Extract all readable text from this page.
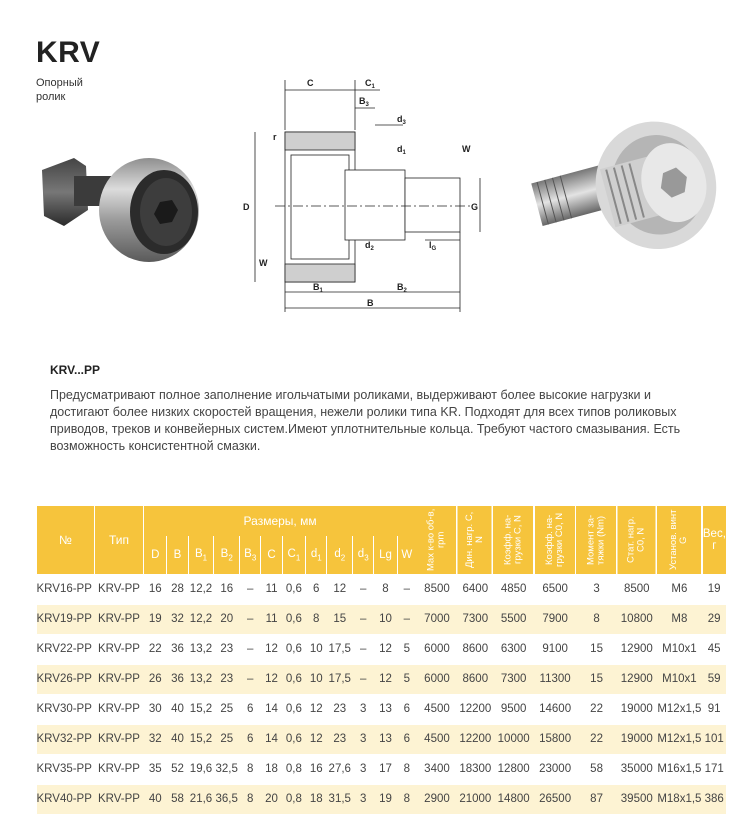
KRV
Опорный ролик
C	$C_1$
$B_3$
$d_3$
$d_1$
$d_2$
r
W
W
D	G
$l_G$
$B_1$	$B_2$
B
KRV...PP

Предусматривают полное заполнение игольчатыми роликами, выдерживают более высокие нагрузки и достигают более низких скоростей вращения, нежели ролики типа KR. Подходят для всех типов роликовых приводов, треков и конвейерных систем.Имеют уплотнительные кольца. Требуют частого смазывания. Есть возможность консистентной смазки.

№	Тип	Размеры, мм												Max к-во об-в, rpm	Дин. нагр. C, N	Коэфф. на-грузки C, N	Коэфф. на-грузки C0, N	Момент за-тяжки (Nm)	Стат. нагр. C0, N	Установ. винт G	Вес, г
		D	B	$B_1$	$B_2$	$B_3$	C	$C_1$	$d_1$	$d_2$	$d_3$	Lg	W								
KRV16-PP	KRV-PP	16	28	12,2	16	–	11	0,6	6	12	–	8	–	8500	6400	4850	6500	3	8500	M6	19
KRV19-PP	KRV-PP	19	32	12,2	20	–	11	0,6	8	15	–	10	–	7000	7300	5500	7900	8	10800	M8	29
KRV22-PP	KRV-PP	22	36	13,2	23	–	12	0,6	10	17,5	–	12	5	6000	8600	6300	9100	15	12900	M10x1	45
KRV26-PP	KRV-PP	26	36	13,2	23	–	12	0,6	10	17,5	–	12	5	6000	8600	7300	11300	15	12900	M10x1	59
KRV30-PP	KRV-PP	30	40	15,2	25	6	14	0,6	12	23	3	13	6	4500	12200	9500	14600	22	19000	M12x1,5	91
KRV32-PP	KRV-PP	32	40	15,2	25	6	14	0,6	12	23	3	13	6	4500	12200	10000	15800	22	19000	M12x1,5	101
KRV35-PP	KRV-PP	35	52	19,6	32,5	8	18	0,8	16	27,6	3	17	8	3400	18300	12800	23000	58	35000	M16x1,5	171
KRV40-PP	KRV-PP	40	58	21,6	36,5	8	20	0,8	18	31,5	3	19	8	2900	21000	14800	26500	87	39500	M18x1,5	386
